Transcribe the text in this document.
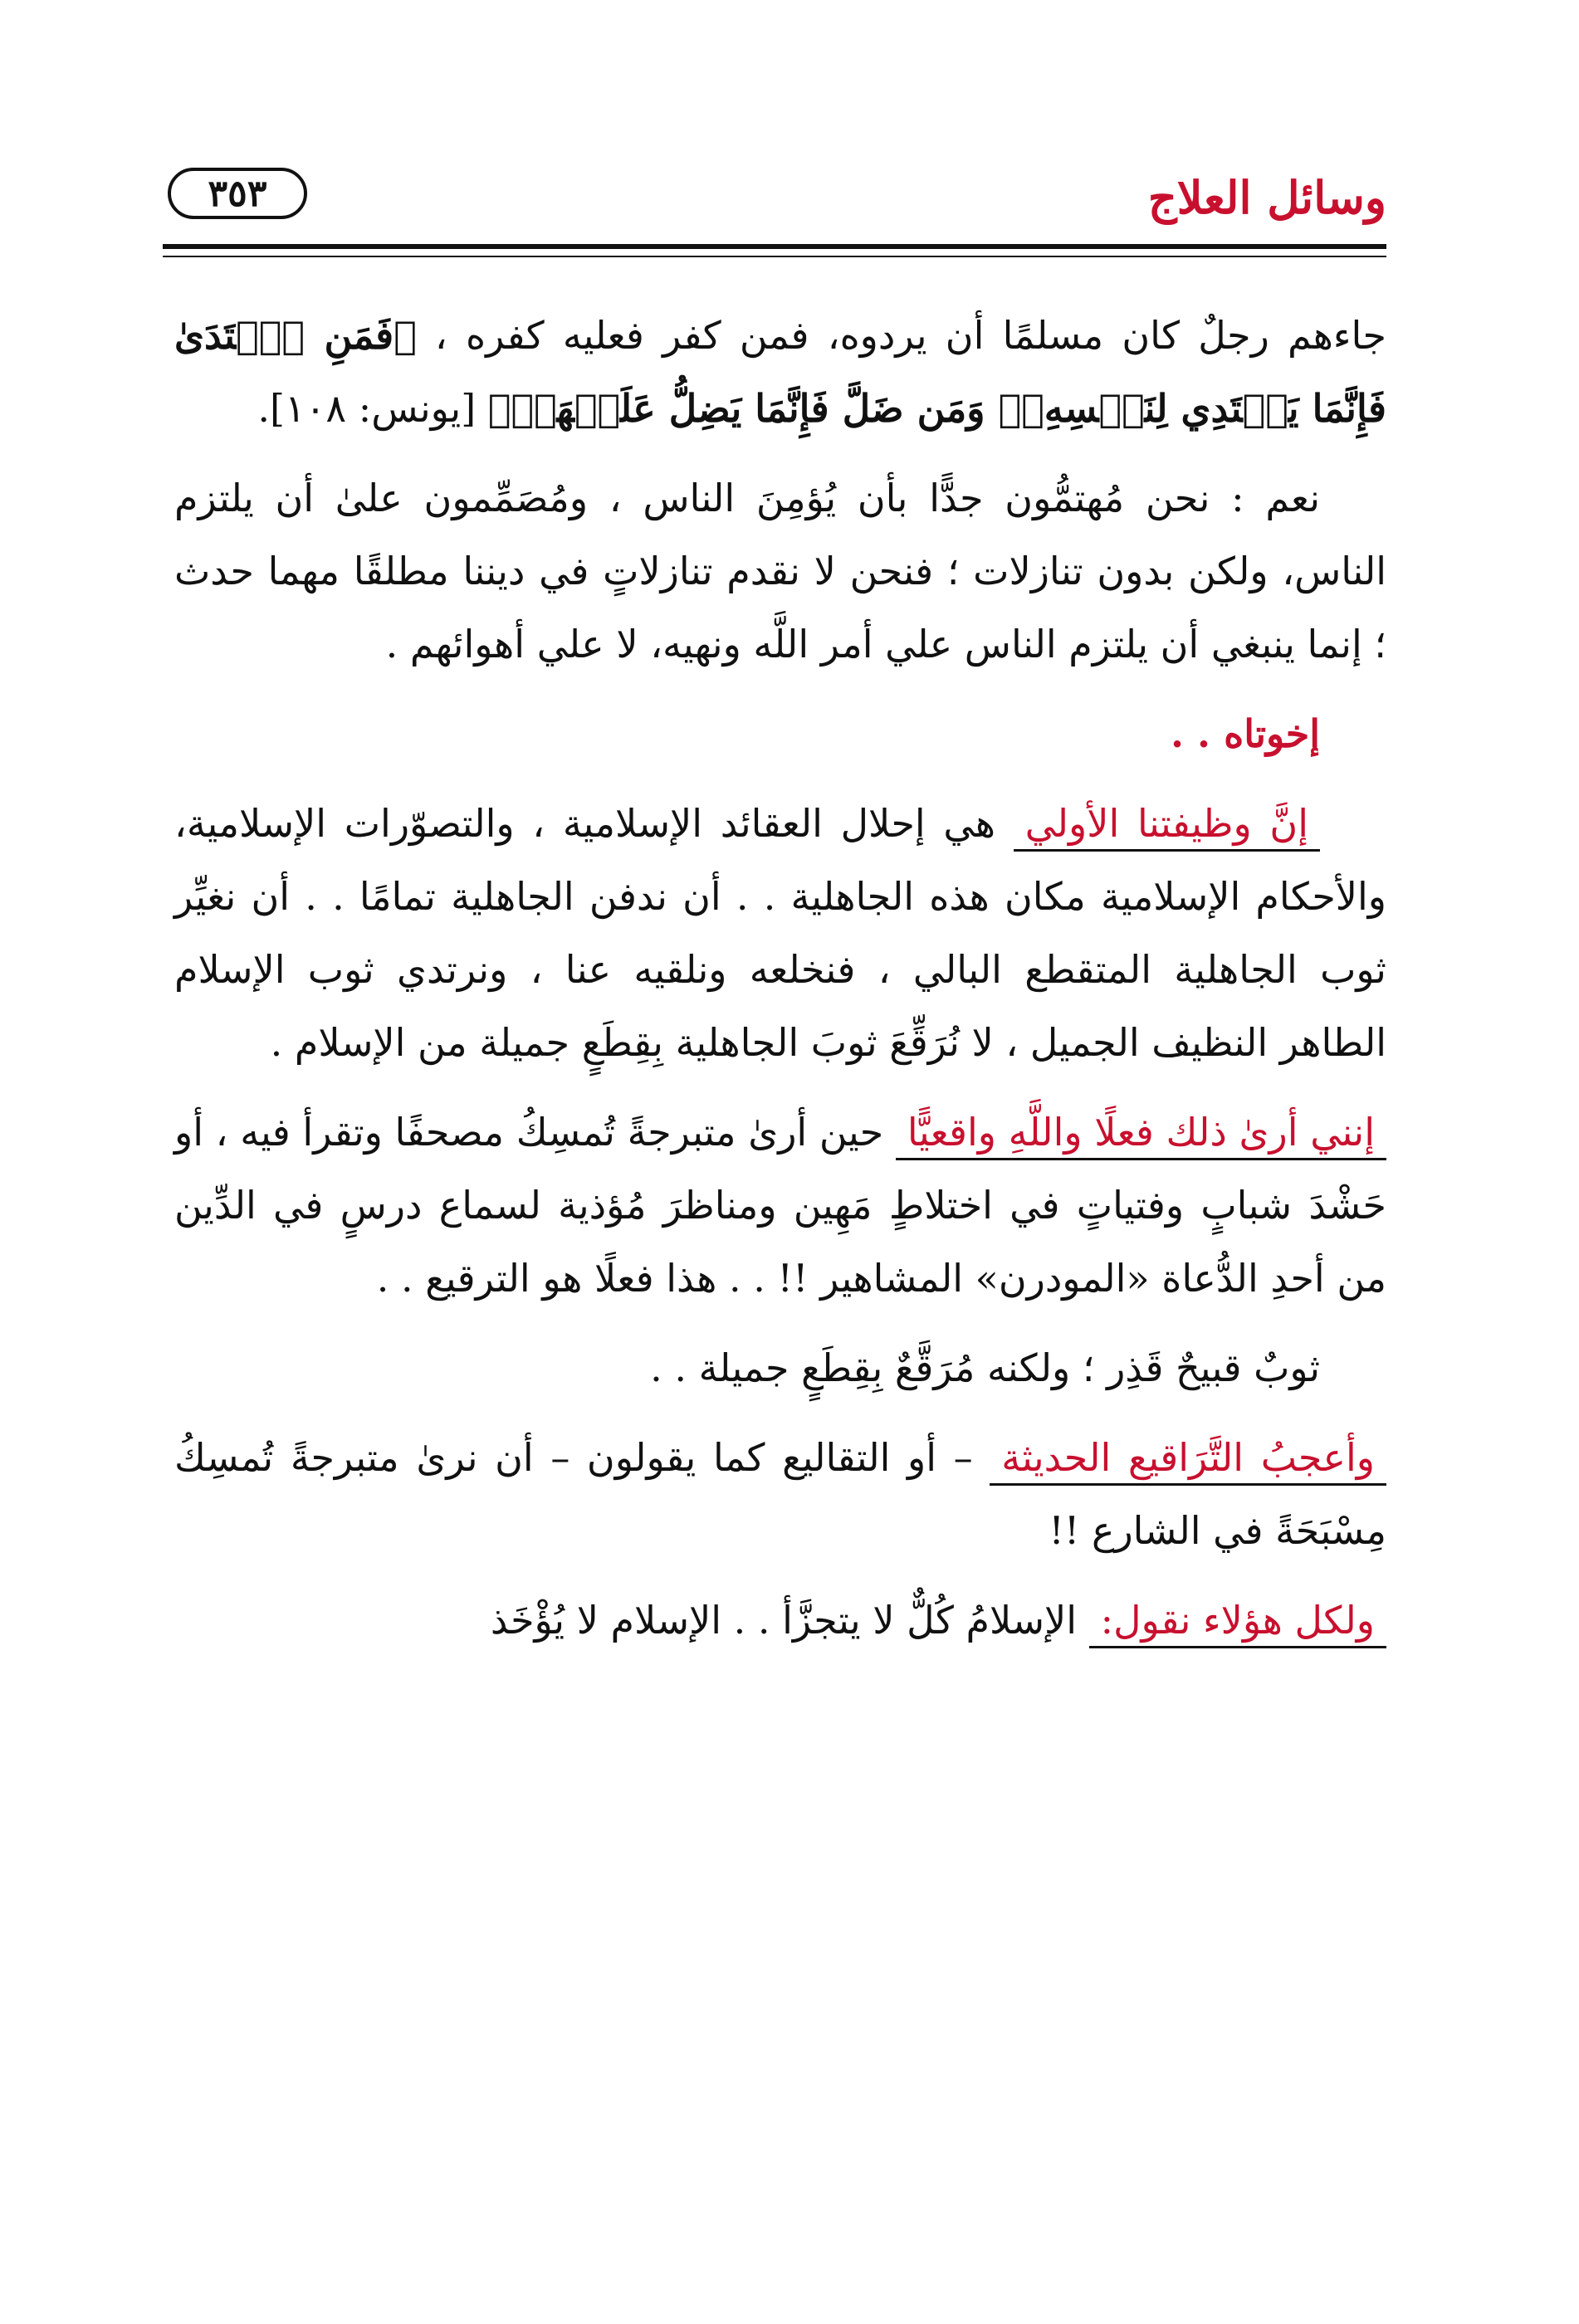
وسائل العلاج
٣٥٣

جاءهم رجلٌ كان مسلمًا أن يردوه، فمن كفر فعليه كفره ، ﴿فَمَنِ ٱهۡتَدَىٰ فَإِنَّمَا يَهۡتَدِي لِنَفۡسِهِۦۖ وَمَن ضَلَّ فَإِنَّمَا يَضِلُّ عَلَيۡهَاۖ﴾ [يونس: ١٠٨].

نعم : نحن مُهتمُّون جدًّا بأن يُؤمِنَ الناس ، ومُصَمِّمون علىٰ أن يلتزم الناس، ولكن بدون تنازلات ؛ فنحن لا نقدم تنازلاتٍ في ديننا مطلقًا مهما حدث ؛ إنما ينبغي أن يلتزم الناس علي أمر اللَّه ونهيه، لا علي أهوائهم .

إخوتاه . .

إنَّ وظيفتنا الأولي هي إحلال العقائد الإسلامية ، والتصوّرات الإسلامية، والأحكام الإسلامية مكان هذه الجاهلية . . أن ندفن الجاهلية تمامًا . . أن نغيِّر ثوب الجاهلية المتقطع البالي ، فنخلعه ونلقيه عنا ، ونرتدي ثوب الإسلام الطاهر النظيف الجميل ، لا نُرَقِّعَ ثوبَ الجاهلية بِقِطَعٍ جميلة من الإسلام .

إنني أرىٰ ذلك فعلًا واللَّهِ واقعيًّا حين أرىٰ متبرجةً تُمسِكُ مصحفًا وتقرأ فيه ، أو حَشْدَ شبابٍ وفتياتٍ في اختلاطٍ مَهِين ومناظرَ مُؤذية لسماع درسٍ في الدِّين من أحدِ الدُّعاة «المودرن» المشاهير !! . . هذا فعلًا هو الترقيع . .

ثوبٌ قبيحٌ قَذِر ؛ ولكنه مُرَقَّعٌ بِقِطَعٍ جميلة . .

وأعجبُ التَّرَاقيع الحديثة – أو التقاليع كما يقولون – أن نرىٰ متبرجةً تُمسِكُ مِسْبَحَةً في الشارع !!

ولكل هؤلاء نقول: الإسلامُ كُلٌّ لا يتجزَّأ . . الإسلام لا يُؤْخَذ
